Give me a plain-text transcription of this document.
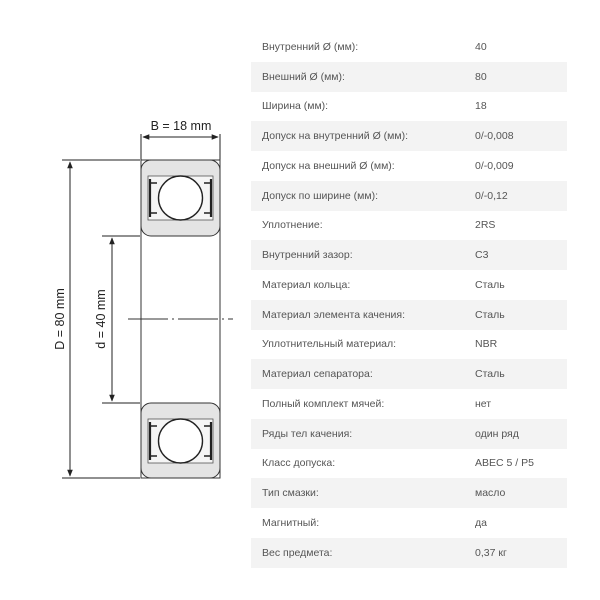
B = 18 mm
D = 80 mm d = 40 mm
Внутренний Ø (мм):	40
Внешний Ø (мм):	80
Ширина (мм):	18
Допуск на внутренний Ø (мм):	0/-0,008
Допуск на внешний Ø (мм):	0/-0,009
Допуск по ширине (мм):	0/-0,12
Уплотнение:	2RS
Внутренний зазор:	C3
Материал кольца:	Сталь
Материал элемента качения:	Сталь
Уплотнительный материал:	NBR
Материал сепаратора:	Сталь
Полный комплект мячей:	нет
Ряды тел качения:	один ряд
Класс допуска:	ABEC 5 / P5
Тип смазки:	масло
Магнитный:	да
Вес предмета:	0,37 кг
